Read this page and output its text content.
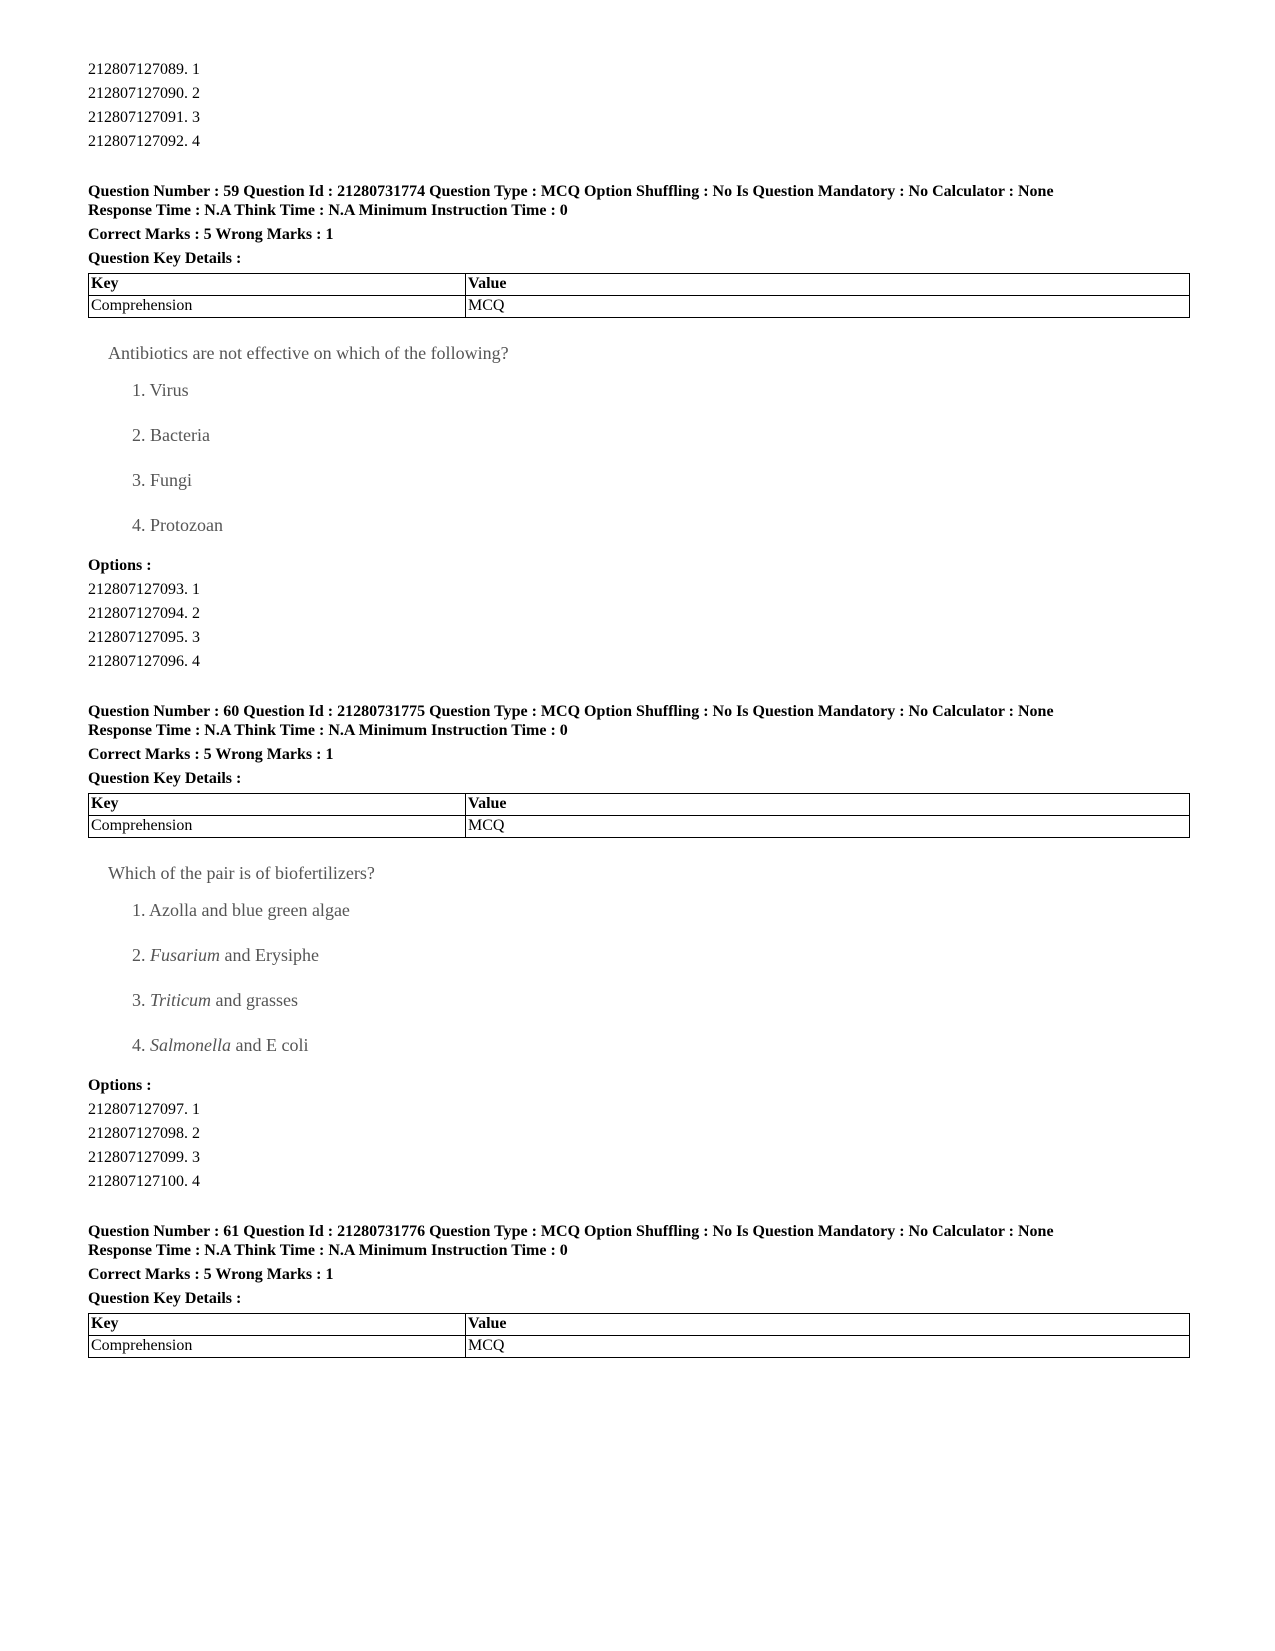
212807127089. 1
212807127090. 2
212807127091. 3
212807127092. 4

Question Number : 59 Question Id : 21280731774 Question Type : MCQ Option Shuffling : No Is Question Mandatory : No Calculator : None

Response Time : N.A Think Time : N.A Minimum Instruction Time : 0

Correct Marks : 5 Wrong Marks : 1
Question Key Details :
Key	Value
Comprehension	MCQ
Antibiotics are not effective on which of the following?
1. Virus
2. Bacteria
3. Fungi
4. Protozoan
Options :
212807127093. 1
212807127094. 2
212807127095. 3
212807127096. 4

Question Number : 60 Question Id : 21280731775 Question Type : MCQ Option Shuffling : No Is Question Mandatory : No Calculator : None

Response Time : N.A Think Time : N.A Minimum Instruction Time : 0

Correct Marks : 5 Wrong Marks : 1
Question Key Details :
Key	Value
Comprehension	MCQ
Which of the pair is of biofertilizers?
1. Azolla and blue green algae
2. Fusarium and Erysiphe
3. Triticum and grasses
4. Salmonella and E coli
Options :
212807127097. 1
212807127098. 2
212807127099. 3
212807127100. 4

Question Number : 61 Question Id : 21280731776 Question Type : MCQ Option Shuffling : No Is Question Mandatory : No Calculator : None

Response Time : N.A Think Time : N.A Minimum Instruction Time : 0

Correct Marks : 5 Wrong Marks : 1
Question Key Details :
Key	Value
Comprehension	MCQ
